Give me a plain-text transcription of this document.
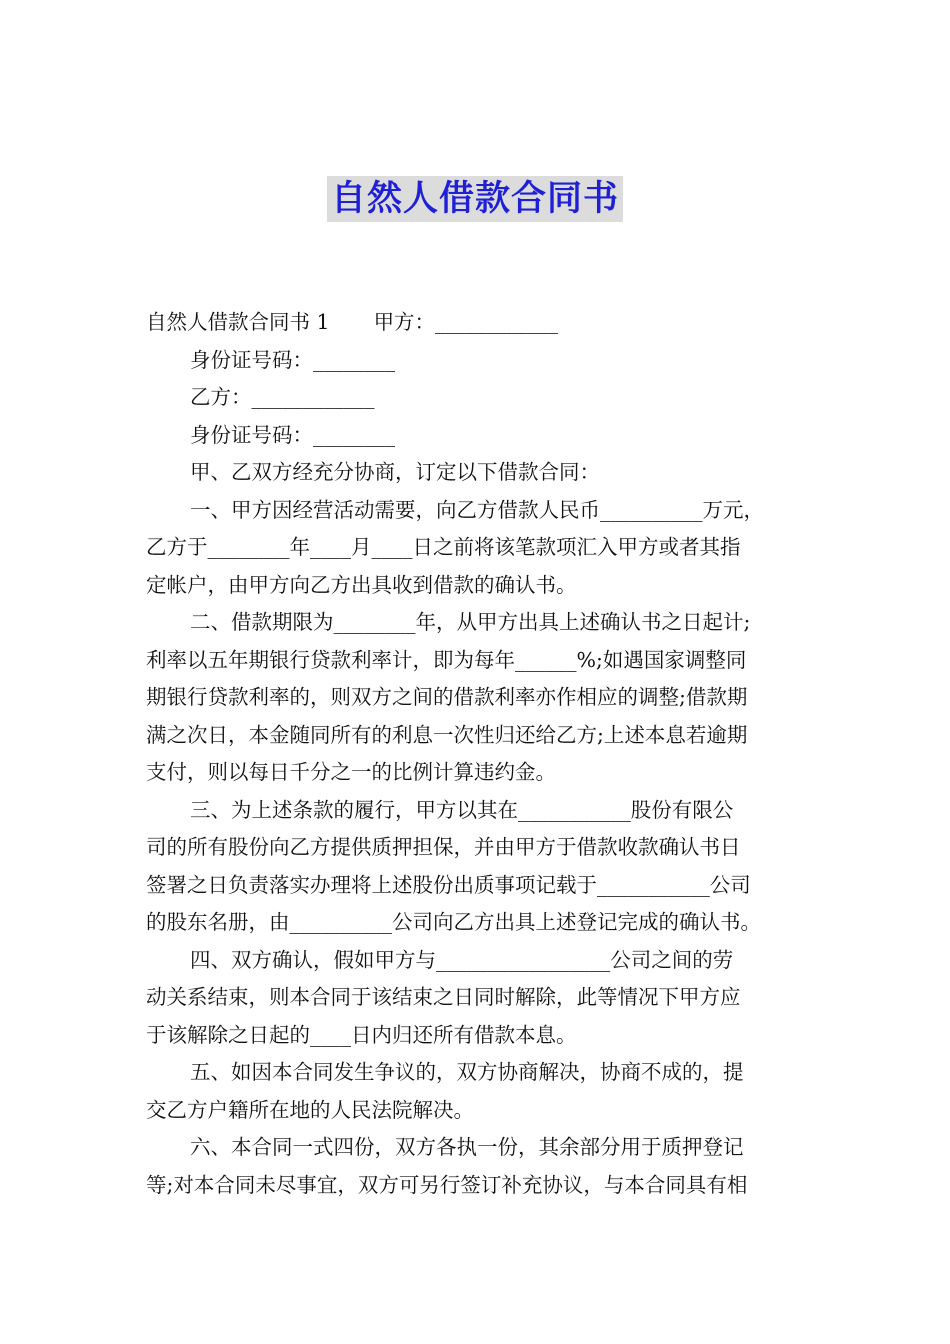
自然人借款合同书
自然人借款合同书 1 甲方：____________
身份证号码：________
乙方：____________
身份证号码：________
甲、乙双方经充分协商，订定以下借款合同：
一、甲方因经营活动需要，向乙方借款人民币__________万元，
乙方于________年____月____日之前将该笔款项汇入甲方或者其指
定帐户，由甲方向乙方出具收到借款的确认书。
二、借款期限为________年，从甲方出具上述确认书之日起计;
利率以五年期银行贷款利率计，即为每年______%;如遇国家调整同
期银行贷款利率的，则双方之间的借款利率亦作相应的调整;借款期
满之次日，本金随同所有的利息一次性归还给乙方;上述本息若逾期
支付，则以每日千分之一的比例计算违约金。
三、为上述条款的履行，甲方以其在___________股份有限公
司的所有股份向乙方提供质押担保，并由甲方于借款收款确认书日
签署之日负责落实办理将上述股份出质事项记载于___________公司
的股东名册，由__________公司向乙方出具上述登记完成的确认书。
四、双方确认，假如甲方与_________________公司之间的劳
动关系结束，则本合同于该结束之日同时解除，此等情况下甲方应
于该解除之日起的____日内归还所有借款本息。
五、如因本合同发生争议的，双方协商解决，协商不成的，提
交乙方户籍所在地的人民法院解决。
六、本合同一式四份，双方各执一份，其余部分用于质押登记
等;对本合同未尽事宜，双方可另行签订补充协议，与本合同具有相
